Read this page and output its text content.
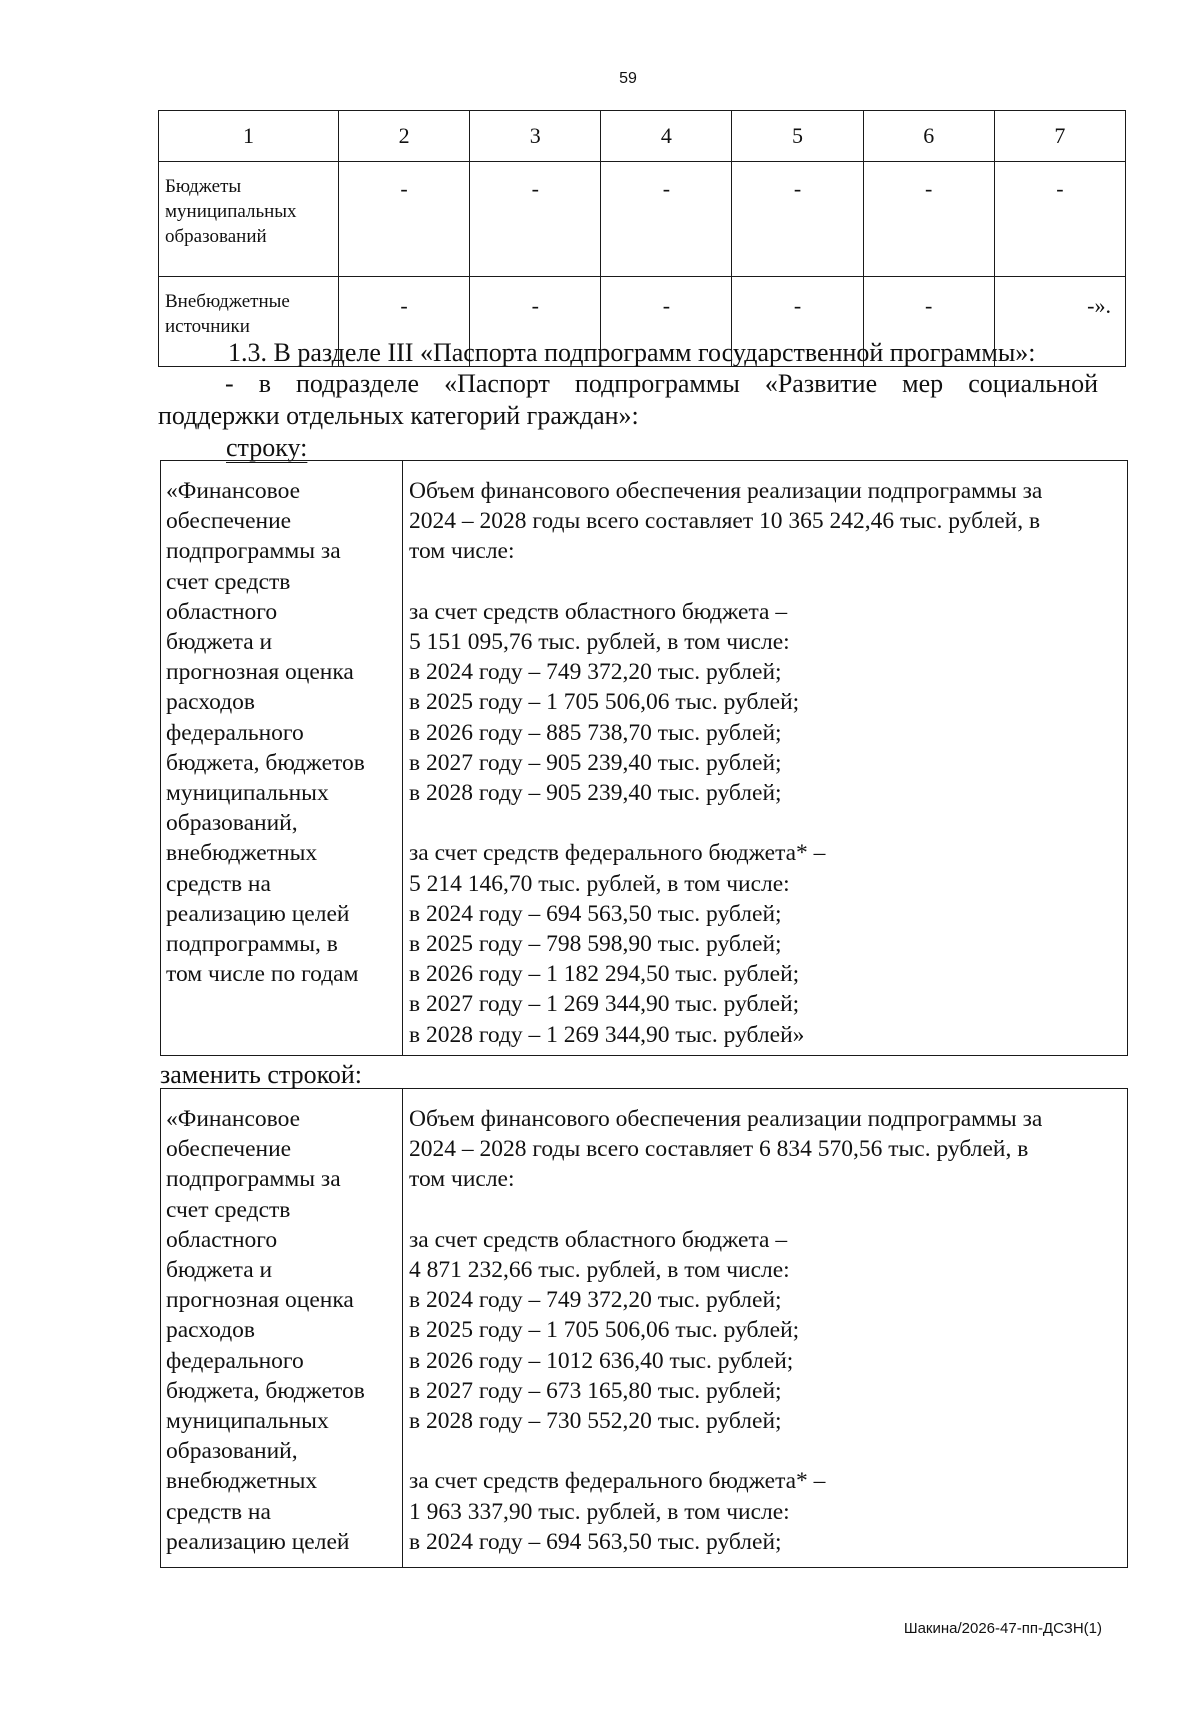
59
1	2	3	4	5	6	7

Бюджеты
муниципальных
образований	-	-	-	-	-	-

Внебюджетные
источники	-	-	-	-	-	-».
1.3. В разделе III «Паспорта подпрограмм государственной программы»:
- в подразделе «Паспорт подпрограммы «Развитие мер социальной
поддержки отдельных категорий граждан»:
строку:
«Финансовое
обеспечение
подпрограммы за
счет средств
областного
бюджета и
прогнозная оценка
расходов
федерального
бюджета, бюджетов
муниципальных
образований,
внебюджетных
средств на
реализацию целей
подпрограммы, в
том числе по годам

Объем финансового обеспечения реализации подпрограммы за
2024 – 2028 годы всего составляет 10 365 242,46 тыс. рублей, в
том числе:
за счет средств областного бюджета –
5 151 095,76 тыс. рублей, в том числе:
в 2024 году – 749 372,20 тыс. рублей;
в 2025 году – 1 705 506,06 тыс. рублей;
в 2026 году – 885 738,70 тыс. рублей;
в 2027 году – 905 239,40 тыс. рублей;
в 2028 году – 905 239,40 тыс. рублей;
за счет средств федерального бюджета* –
5 214 146,70 тыс. рублей, в том числе:
в 2024 году – 694 563,50 тыс. рублей;
в 2025 году – 798 598,90 тыс. рублей;
в 2026 году – 1 182 294,50 тыс. рублей;
в 2027 году – 1 269 344,90 тыс. рублей;
в 2028 году – 1 269 344,90 тыс. рублей»
заменить строкой:
«Финансовое
обеспечение
подпрограммы за
счет средств
областного
бюджета и
прогнозная оценка
расходов
федерального
бюджета, бюджетов
муниципальных
образований,
внебюджетных
средств на
реализацию целей

Объем финансового обеспечения реализации подпрограммы за
2024 – 2028 годы всего составляет 6 834 570,56 тыс. рублей, в
том числе:
за счет средств областного бюджета –
4 871 232,66 тыс. рублей, в том числе:
в 2024 году – 749 372,20 тыс. рублей;
в 2025 году – 1 705 506,06 тыс. рублей;
в 2026 году – 1012 636,40 тыс. рублей;
в 2027 году – 673 165,80 тыс. рублей;
в 2028 году – 730 552,20 тыс. рублей;
за счет средств федерального бюджета* –
1 963 337,90 тыс. рублей, в том числе:
в 2024 году – 694 563,50 тыс. рублей;
Шакина/2026-47-пп-ДСЗН(1)
